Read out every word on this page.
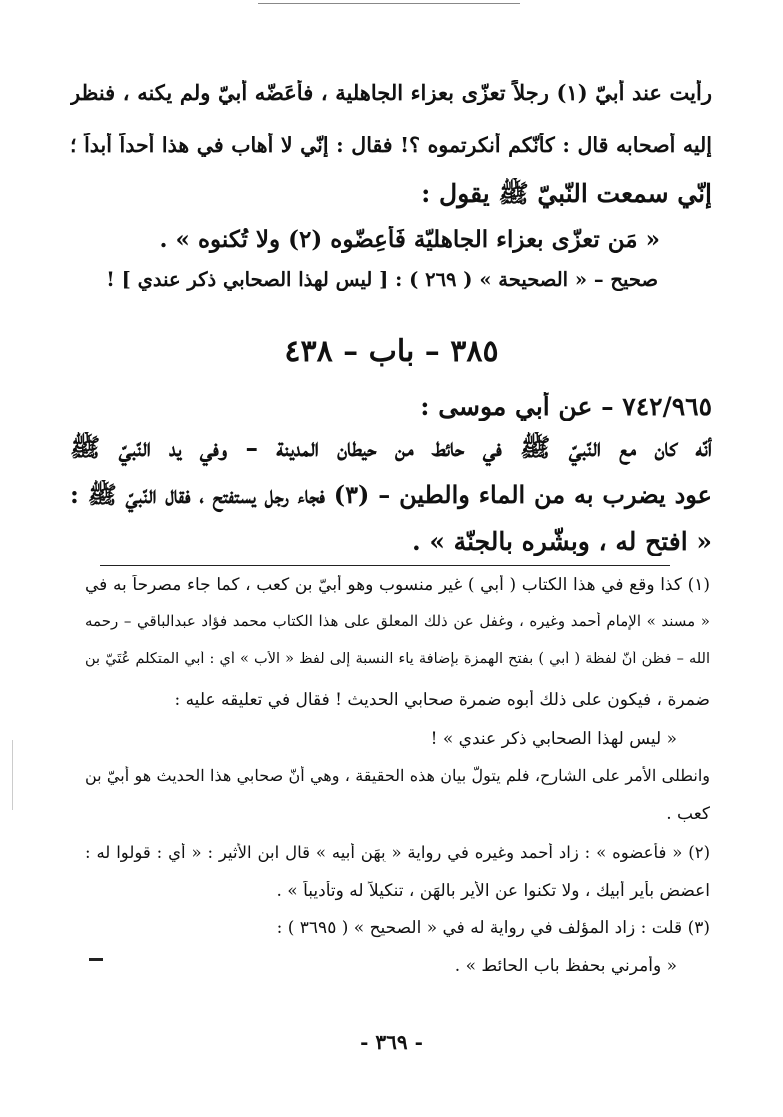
رأيت عند أُبيّ (١) رجلاً تعزّى بعزاء الجاهلية ، فأعَضّه أُبيّ ولم يكنه ، فنظر
إليه أصحابه قال : كأنّكم أنكرتموه ؟! فقال : إنّي لا أهاب في هذا أحداً أبداً ؛
إنّي سمعت النّبيّ ﷺ يقول :
« مَن تعزّى بعزاء الجاهليّة فَأَعِضّوه (٢) ولا تُكنوه » .
صحيح – « الصحيحة » ( ٢٦٩ ) : [ ليس لهذا الصحابي ذكر عندي ] !
٣٨٥ – باب – ٤٣٨
٧٤٢/٩٦٥ – عن أبي موسى :
أنّه كان مع النّبيّ ﷺ في حائط من حيطان المدينة – وفي يد النّبيّ ﷺ
عود يضرب به من الماء والطين – (٣) فجاء رجل يستفتح ، فقال النّبيّ ﷺ :
« افتح له ، وبشّره بالجنّة » .
(١) كذا وقع في هذا الكتاب ( أبي ) غير منسوب وهو أُبيّ بن كعب ، كما جاء مصرحاً به في
« مسند » الإمام أحمد وغيره ، وغفل عن ذلك المعلق على هذا الكتاب محمد فؤاد عبدالباقي – رحمه
الله – فظن أنّ لفظة ( أبي ) بفتح الهمزة بإضافة ياء النسبة إلى لفظ « الأب » أي : أبي المتكلم عُتَيّ بن
ضمرة ، فيكون على ذلك أبوه ضمرة صحابي الحديث ! فقال في تعليقه عليه :
« ليس لهذا الصحابي ذكر عندي » !
وانطلى الأمر على الشارح، فلم يتولّ بيان هذه الحقيقة ، وهي أنّ صحابي هذا الحديث هو أُبيّ بن
كعب .
(٢) « فأعضوه » : زاد أحمد وغيره في رواية « بِهَنِ أبيه » قال ابن الأثير : « أي : قولوا له :
اعضض بأير أبيك ، ولا تكنوا عن الأير بالهَنِ ، تنكيلاً له وتأديباً » .
(٣) قلت : زاد المؤلف في رواية له في « الصحيح » ( ٣٦٩٥ ) :
« وأمرني بحفظ باب الحائط » .
- ٣٦٩ -
